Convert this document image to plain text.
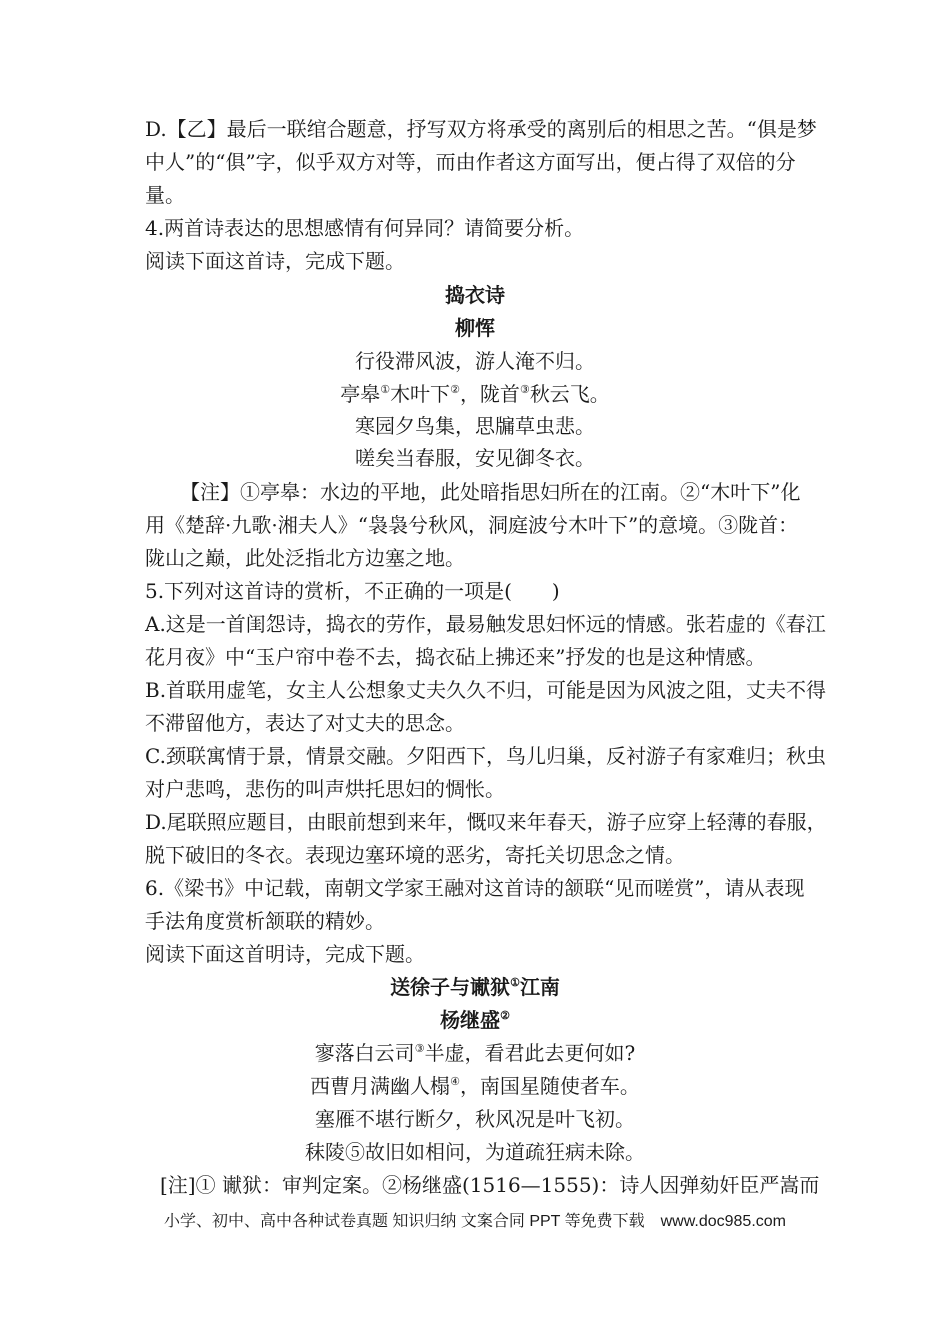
D.【乙】最后一联绾合题意，抒写双方将承受的离别后的相思之苦。“俱是梦
中人”的“俱”字，似乎双方对等，而由作者这方面写出，便占得了双倍的分
量。
4.两首诗表达的思想感情有何异同？请简要分析。
阅读下面这首诗，完成下题。
捣衣诗
柳恽
行役滞风波，游人淹不归。
亭皋①木叶下②，陇首③秋云飞。
寒园夕鸟集，思牖草虫悲。
嗟矣当春服，安见御冬衣。
【注】①亭皋：水边的平地，此处暗指思妇所在的江南。②“木叶下”化
用《楚辞·九歌·湘夫人》“袅袅兮秋风，洞庭波兮木叶下”的意境。③陇首：
陇山之巅，此处泛指北方边塞之地。
5.下列对这首诗的赏析，不正确的一项是(　　)
A.这是一首闺怨诗，捣衣的劳作，最易触发思妇怀远的情感。张若虚的《春江
花月夜》中“玉户帘中卷不去，捣衣砧上拂还来”抒发的也是这种情感。
B.首联用虚笔，女主人公想象丈夫久久不归，可能是因为风波之阻，丈夫不得
不滞留他方，表达了对丈夫的思念。
C.颈联寓情于景，情景交融。夕阳西下，鸟儿归巢，反衬游子有家难归；秋虫
对户悲鸣，悲伤的叫声烘托思妇的惆怅。
D.尾联照应题目，由眼前想到来年，慨叹来年春天，游子应穿上轻薄的春服，
脱下破旧的冬衣。表现边塞环境的恶劣，寄托关切思念之情。
6.《梁书》中记载，南朝文学家王融对这首诗的颔联“见而嗟赏”，请从表现
手法角度赏析颔联的精妙。
阅读下面这首明诗，完成下题。
送徐子与谳狱①江南
杨继盛②
寥落白云司③半虚，看君此去更何如?
西曹月满幽人榻④，南国星随使者车。
塞雁不堪行断夕，秋风况是叶飞初。
秣陵⑤故旧如相问，为道疏狂病未除。
[注]① 谳狱：审判定案。②杨继盛(1516—1555)：诗人因弹劾奸臣严嵩而
小学、初中、高中各种试卷真题 知识归纳 文案合同 PPT 等免费下载　www.doc985.com
